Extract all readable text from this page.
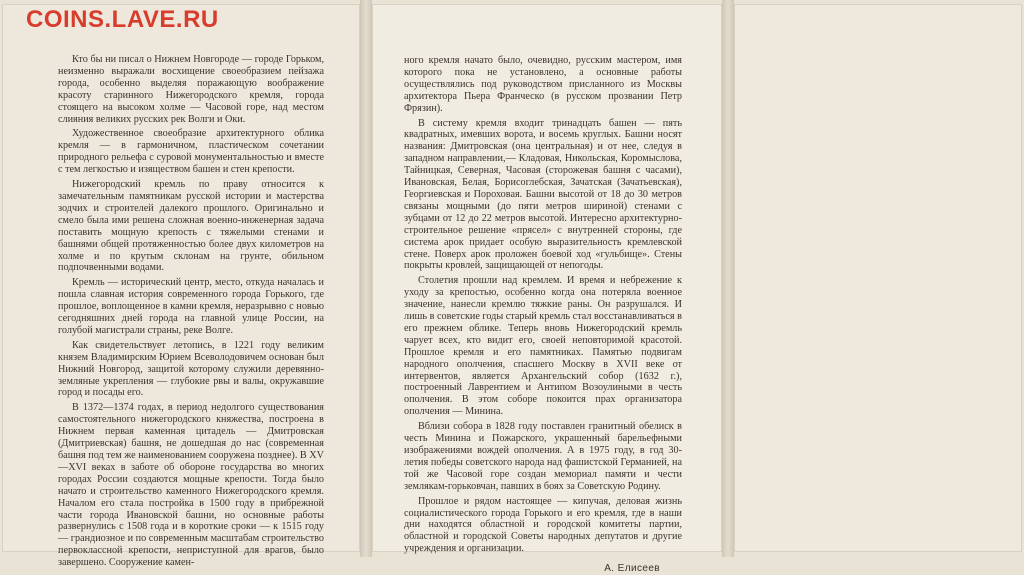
COINS.LAVE.RU

Кто бы ни писал о Нижнем Новгороде — городе Горьком, неизменно выражали восхищение своеобразием пейзажа города, особенно выделяя поражающую воображение красоту старинного Нижегородского кремля, города стоящего на высоком холме — Часовой горе, над местом слияния великих русских рек Волги и Оки.

Художественное своеобразие архитектурного облика кремля — в гармоничном, пластическом сочетании природного рельефа с суровой монументальностью и вместе с тем легкостью и изяществом башен и стен крепости.

Нижегородский кремль по праву относится к замечательным памятникам русской истории и мастерства зодчих и строителей далекого прошлого. Оригинально и смело была ими решена сложная военно-инженерная задача поставить мощную крепость с тяжелыми стенами и башнями общей протяженностью более двух километров на холме и по крутым склонам на грунте, обильном подпочвенными водами.

Кремль — исторический центр, место, откуда началась и пошла славная история современного города Горького, где прошлое, воплощенное в камни кремля, неразрывно с новью сегодняшних дней города на главной улице России, на голубой магистрали страны, реке Волге.

Как свидетельствует летопись, в 1221 году великим князем Владимирским Юрием Всеволодовичем основан был Нижний Новгород, защитой которому служили деревянно-земляные укрепления — глубокие рвы и валы, окружавшие город и посады его.

В 1372—1374 годах, в период недолгого существования самостоятельного нижегородского княжества, построена в Нижнем первая каменная цитадель — Дмитровская (Дмитриевская) башня, не дошедшая до нас (современная башня под тем же наименованием сооружена позднее). В XV—XVI веках в заботе об обороне государства во многих городах России создаются мощные крепости. Тогда было начато и строительство каменного Нижегородского кремля. Началом его стала постройка в 1500 году в прибрежной части города Ивановской башни, но основные работы развернулись с 1508 года и в короткие сроки — к 1515 году — грандиозное и по современным масштабам строительство первоклассной крепости, неприступной для врагов, было завершено. Сооружение камен-

ного кремля начато было, очевидно, русским мастером, имя которого пока не установлено, а основные работы осуществлялись под руководством присланного из Москвы архитектора Пьера Франческо (в русском прозвании Петр Фрязин).

В систему кремля входит тринадцать башен — пять квадратных, имевших ворота, и восемь круглых. Башни носят названия: Дмитровская (она центральная) и от нее, следуя в западном направлении,— Кладовая, Никольская, Коромыслова, Тайницкая, Северная, Часовая (сторожевая башня с часами), Ивановская, Белая, Борисоглебская, Зачатская (Зачатьевская), Георгиевская и Пороховая. Башни высотой от 18 до 30 метров связаны мощными (до пяти метров шириной) стенами с зубцами от 12 до 22 метров высотой. Интересно архитектурно-строительное решение «прясел» с внутренней стороны, где система арок придает особую выразительность кремлевской стене. Поверх арок проложен боевой ход «гульбище». Стены покрыты кровлей, защищающей от непогоды.

Столетия прошли над кремлем. И время и небрежение к уходу за крепостью, особенно когда она потеряла военное значение, нанесли кремлю тяжкие раны. Он разрушался. И лишь в советские годы старый кремль стал восстанавливаться в его прежнем облике. Теперь вновь Нижегородский кремль чарует всех, кто видит его, своей неповторимой красотой. Прошлое кремля и его памятниках. Памятью подвигам народного ополчения, спасшего Москву в XVII веке от интервентов, является Архангельский собор (1632 г.), построенный Лаврентием и Антипом Возоулиными в честь ополчения. В этом соборе покоится прах организатора ополчения — Минина.

Вблизи собора в 1828 году поставлен гранитный обелиск в честь Минина и Пожарского, украшенный барельефными изображениями вождей ополчения. А в 1975 году, в год 30-летия победы советского народа над фашистской Германией, на той же Часовой горе создан мемориал памяти и чести землякам-горьковчан, павших в боях за Советскую Родину.

Прошлое и рядом настоящее — кипучая, деловая жизнь социалистического города Горького и его кремля, где в наши дни находятся областной и городской комитеты партии, областной и городской Советы народных депутатов и другие учреждения и организации.

А. Елисеев
